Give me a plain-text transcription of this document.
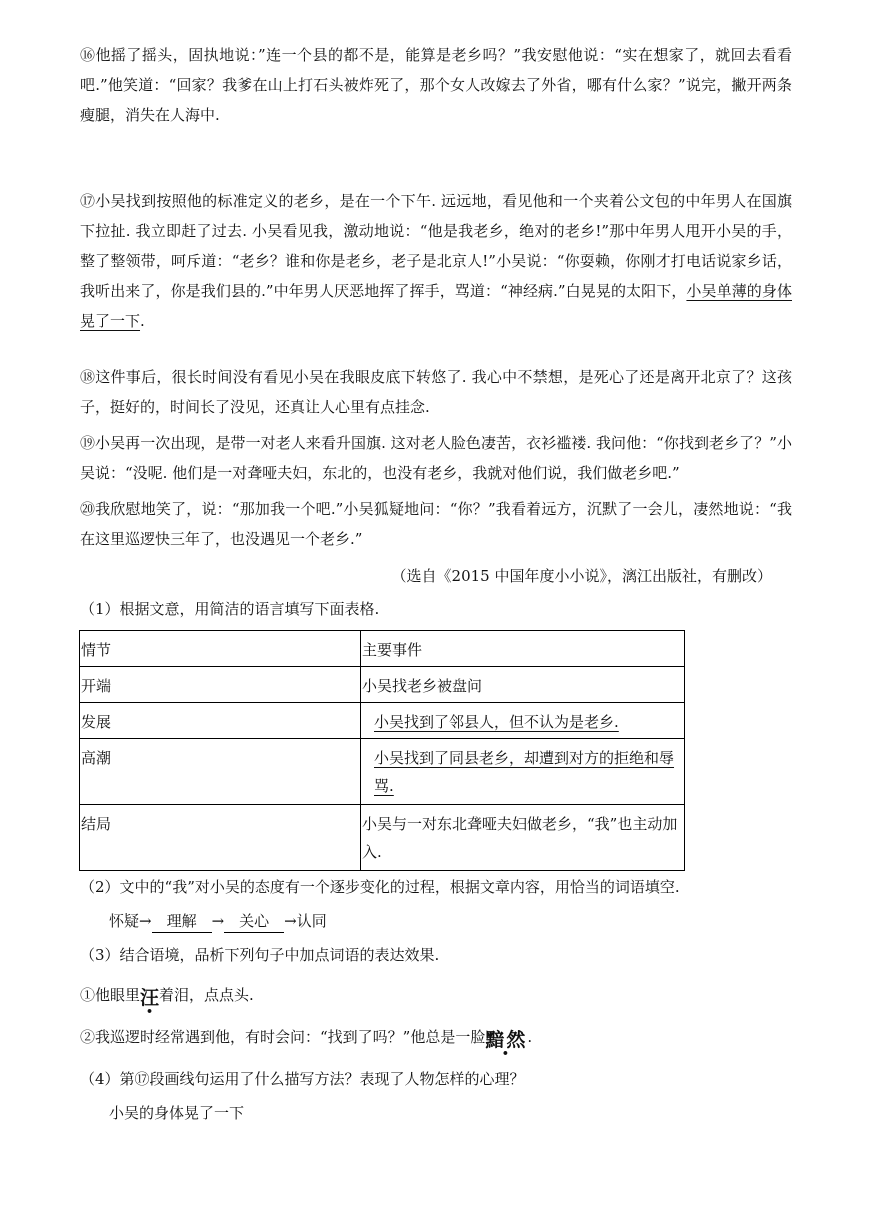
⑯他摇了摇头，固执地说：”连一个县的都不是，能算是老乡吗？”我安慰他说：“实在想家了，就回去看看吧.”他笑道：“回家？我爹在山上打石头被炸死了，那个女人改嫁去了外省，哪有什么家？”说完，撇开两条瘦腿，消失在人海中.

⑰小吴找到按照他的标准定义的老乡，是在一个下午. 远远地，看见他和一个夹着公文包的中年男人在国旗下拉扯. 我立即赶了过去. 小吴看见我，激动地说：“他是我老乡，绝对的老乡!”那中年男人甩开小吴的手，整了整领带，呵斥道：“老乡？谁和你是老乡，老子是北京人!”小吴说：“你耍赖，你刚才打电话说家乡话，我听出来了，你是我们县的.”中年男人厌恶地挥了挥手，骂道：“神经病.”白晃晃的太阳下，小吴单薄的身体晃了一下.

⑱这件事后，很长时间没有看见小吴在我眼皮底下转悠了. 我心中不禁想，是死心了还是离开北京了？这孩子，挺好的，时间长了没见，还真让人心里有点挂念.

⑲小吴再一次出现，是带一对老人来看升国旗. 这对老人脸色凄苦，衣衫褴褛. 我问他：“你找到老乡了？”小吴说：“没呢. 他们是一对聋哑夫妇，东北的，也没有老乡，我就对他们说，我们做老乡吧.”

⑳我欣慰地笑了，说：“那加我一个吧.”小吴狐疑地问：“你？”我看着远方，沉默了一会儿，凄然地说：“我在这里巡逻快三年了，也没遇见一个老乡.”

（选自《2015 中国年度小小说》，漓江出版社，有删改）
（1）根据文意，用简洁的语言填写下面表格.
情节	主要事件
开端	小吴找老乡被盘问
发展	小吴找到了邻县人，但不认为是老乡.
高潮	小吴找到了同县老乡，却遭到对方的拒绝和辱骂.
结局	小吴与一对东北聋哑夫妇做老乡，“我”也主动加入.
（2）文中的“我”对小吴的态度有一个逐步变化的过程，根据文章内容，用恰当的词语填空.
怀疑→ 理解 → 关心 →认同
（3）结合语境，品析下列句子中加点词语的表达效果.
①他眼里汪着泪，点点头.
②我巡逻时经常遇到他，有时会问：“找到了吗？”他总是一脸黯然.
（4）第⑰段画线句运用了什么描写方法？表现了人物怎样的心理？
小吴的身体晃了一下
